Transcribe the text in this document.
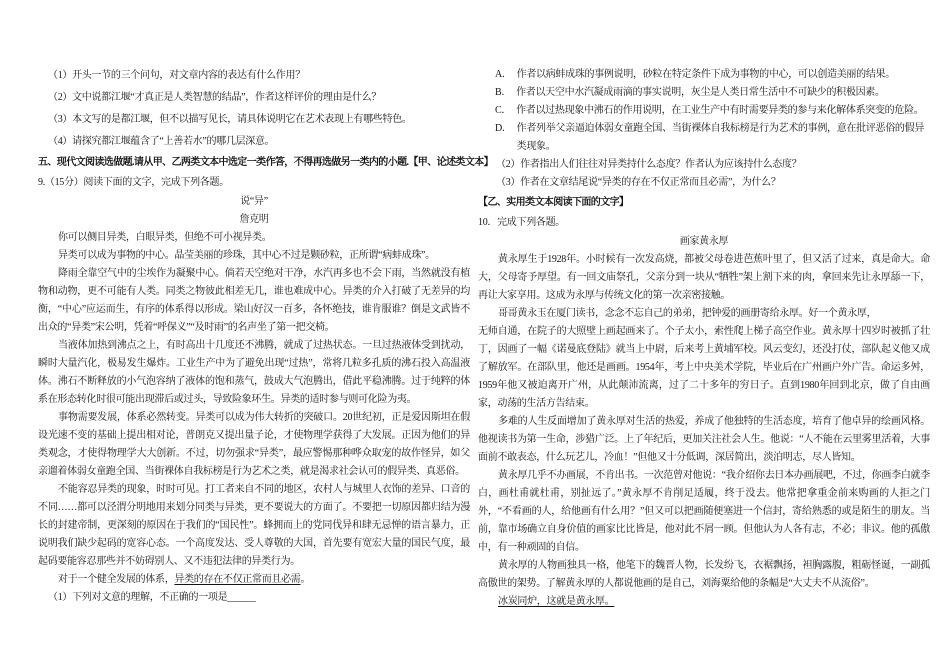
（1）开头一节的三个问句，对文章内容的表达有什么作用？
（2）文中说都江堰“才真正是人类智慧的结晶”，作者这样评价的理由是什么？
（3）本文写的是都江堰，但不以描写见长，请具体说明它在艺术表现上有哪些特色。
（4）请探究都江堰蕴含了“上善若水”的哪几层深意。
五、现代文阅读选做题.请从甲、乙两类文本中选定一类作答，不得再选做另一类内的小题.【甲、论述类文本】
9.（15分）阅读下面的文字，完成下列各题。
说“异”
詹克明
你可以侧目异类，白眼异类，但绝不可小视异类。
异类可以成为事物的中心。晶莹美丽的珍珠，其中心不过是颗砂粒，正所谓“病蚌成珠”。
降雨全靠空气中的尘埃作为凝聚中心。倘若天空绝对干净，水汽再多也不会下雨，当然就没有植物和动物，更不可能有人类。同类之物彼此相差无几，谁也难成中心。异类的介入打破了无差异的均衡，“中心”应运而生，有序的体系得以形成。梁山好汉一百多，各怀绝技，谁肯服谁？倒是文武皆不出众的“异类”宋公明，凭着“呼保义”“及时雨”的名声坐了第一把交椅。
当液体加热到沸点之上，有时高出十几度还不沸腾，就成了过热状态。一旦过热液体受到扰动，瞬时大量汽化，极易发生爆炸。工业生产中为了避免出现“过热”，常将几粒多孔质的沸石投入高温液体。沸石不断释放的小气泡容纳了液体的饱和蒸气，鼓成大气泡腾出，借此平稳沸腾。过于纯粹的体系在形态转化时很可能出现滞后或过头，导致险象环生。异类的适时参与则可化险为夷。
事物需要发展，体系必然转变。异类可以成为伟大转折的突破口。20世纪初，正是爱因斯坦在假设光速不变的基础上提出相对论，普朗克又提出量子论，才使物理学获得了大发展。正因为他们的异类观念，才使得物理学大大创新。不过，切勿强求“异类”，最应警惕那种哗众取宠的故作怪异，如父亲遛着体弱女童跑全国、当街裸体自我标榜是行为艺术之类，就是渴求社会认可的假异类、真恶俗。
不能容忍异类的现象，时时可见。打工者来自不同的地区，农村人与城里人衣饰的差异、口音的不同……都可以泾渭分明地用来划分同类与异类，更不要说大的方面了。不要把一切原因都归结为漫长的封建帝制，更深刻的原因在于我们的“国民性”。蜂拥而上的党同伐异和肆无忌惮的语言暴力，正说明我们缺少起码的宽容心态。一个高度发达、受人尊敬的大国，首先要有宽宏大量的国民气度，最起码要能容忍那些并不妨碍别人、又不违犯法律的异类行为。
对于一个健全发展的体系，异类的存在不仅正常而且必需。
（1）下列对文意的理解，不正确的一项是______
A． 作者以病蚌成珠的事例说明，砂粒在特定条件下成为事物的中心，可以创造美丽的结果。
B． 作者以天空中水汽凝成雨滴的事实说明，灰尘是人类日常生活中不可缺少的积极因素。
C． 作者以过热现象中沸石的作用说明，在工业生产中有时需要异类的参与来化解体系突变的危险。
D． 作者列举父亲逼迫体弱女童跑全国、当街裸体自我标榜是行为艺术的事例，意在批评恶俗的假异类现象。
（2）作者指出人们往往对异类持什么态度？作者认为应该持什么态度？
（3）作者在文章结尾说“异类的存在不仅正常而且必需”，为什么？
【乙、实用类文本阅读下面的文字】
10．完成下列各题。
画家黄永厚
黄永厚生于1928年。小时候有一次发高烧，都被父母卷进芭蕉叶里了，但又活了过来，真是命大。命大，父母寄予厚望。有一回文庙祭孔，父亲分到一块从“牺牲”架上割下来的肉，拿回来先让永厚舔一下，再让大家享用。这成为永厚与传统文化的第一次亲密接触。
哥哥黄永玉在厦门读书，念念不忘自己的弟弟，把钟爱的画册寄给永厚。好一个黄永厚，
无师自通，在院子的大照壁上画起画来了。个子太小，索性爬上梯子高空作业。黄永厚十四岁时被抓了壮丁，因画了一幅《诺曼底登陆》就当上中尉，后来考上黄埔军校。风云变幻，还没打仗，部队起义他又成了解放军。在部队里，他还是画画。1954年，考上中央美术学院，毕业后在广州画户外广告。命运多舛，1959年他又被迫离开广州，从此颠沛流离，过了二十多年的穷日子。直到1980年回到北京，做了自由画家，动荡的生活方告结束。
多难的人生反面增加了黄永厚对生活的热爱，养成了他独特的生活态度，培育了他卓异的绘画风格。他视读书为第一生命，涉猎广泛。上了年纪后，更加关注社会人生。他说：“人不能在云里雾里活着，大事面前不敢表态，什么玩艺儿，冷血！”但他又十分低调，深居简出，淡泊明志，尽人皆知。
黄永厚几乎不办画展，不肯出书。一次范曾对他说：“我介绍你去日本办画展吧，不过，你画李白就李白，画杜甫就杜甫，别扯远了。”黄永厚不肯削足适履，终于没去。他常把拿重金前来购画的人拒之门外，“不看画的人，给他画有什么用？”但又可以把画随便塞进一个信封，寄给熟悉的或是陌生的朋友。当前，靠市场确立自身价值的画家比比皆是，他对此不屑一顾。但他认为人各有志，不必；非议。他的孤傲中，有一种顽固的自信。
黄永厚的人物画独具一格，他笔下的魏晋人物，长发纷飞，衣裾飘扬，袒胸露腹，粗砺怪诞，一副孤高傲世的架势。了解黄永厚的人都说他画的是自己，刘海粟给他的条幅是“大丈夫不从流俗”。
冰炭同炉，这就是黄永厚。
